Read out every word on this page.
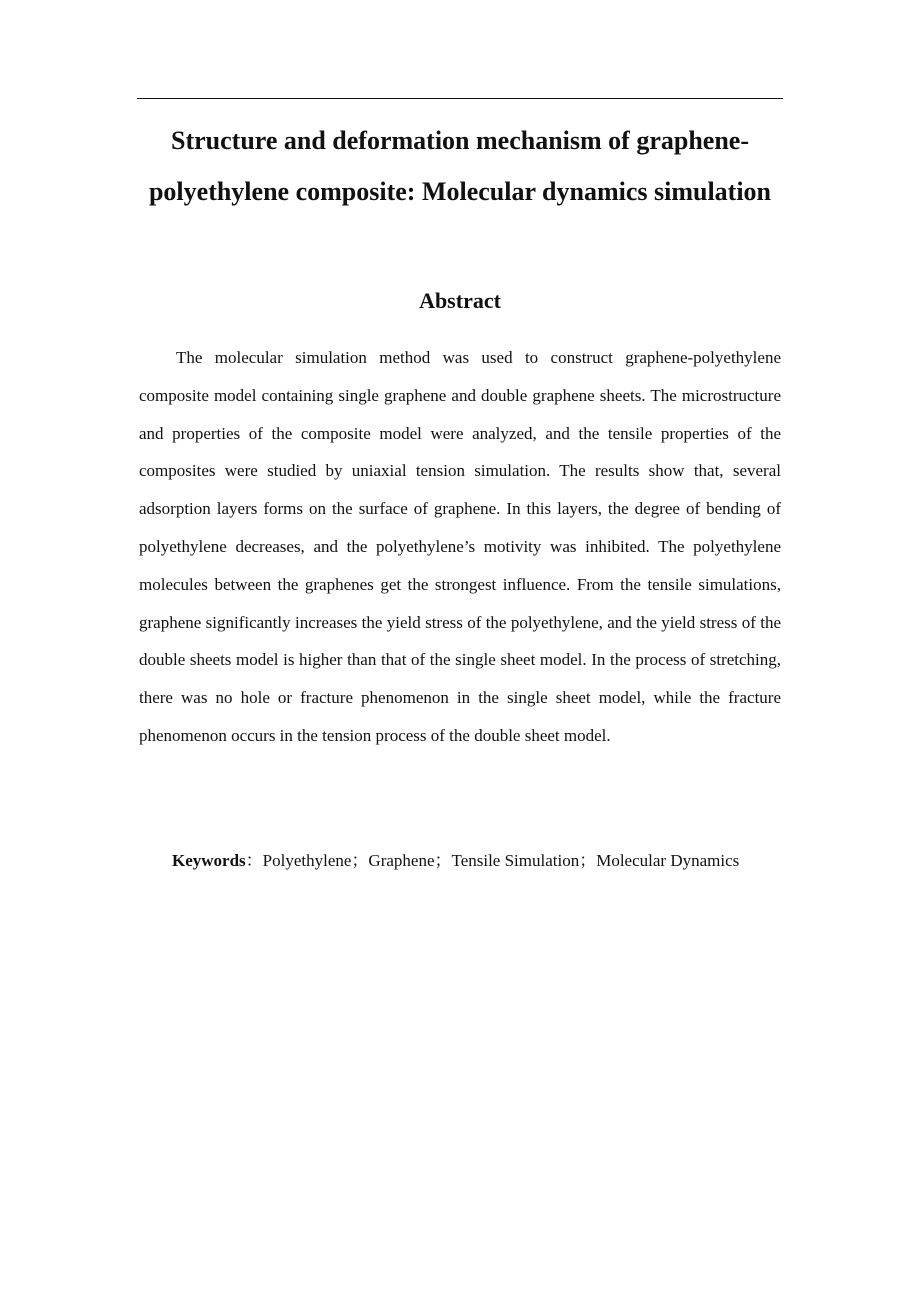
Structure and deformation mechanism of graphene-polyethylene composite: Molecular dynamics simulation
Abstract

The molecular simulation method was used to construct graphene-polyethylene composite model containing single graphene and double graphene sheets. The microstructure and properties of the composite model were analyzed, and the tensile properties of the composites were studied by uniaxial tension simulation. The results show that, several adsorption layers forms on the surface of graphene. In this layers, the degree of bending of polyethylene decreases, and the polyethylene’s motivity was inhibited. The polyethylene molecules between the graphenes get the strongest influence. From the tensile simulations, graphene significantly increases the yield stress of the polyethylene, and the yield stress of the double sheets model is higher than that of the single sheet model. In the process of stretching, there was no hole or fracture phenomenon in the single sheet model, while the fracture phenomenon occurs in the tension process of the double sheet model.

Keywords：Polyethylene；Graphene；Tensile Simulation；Molecular Dynamics
